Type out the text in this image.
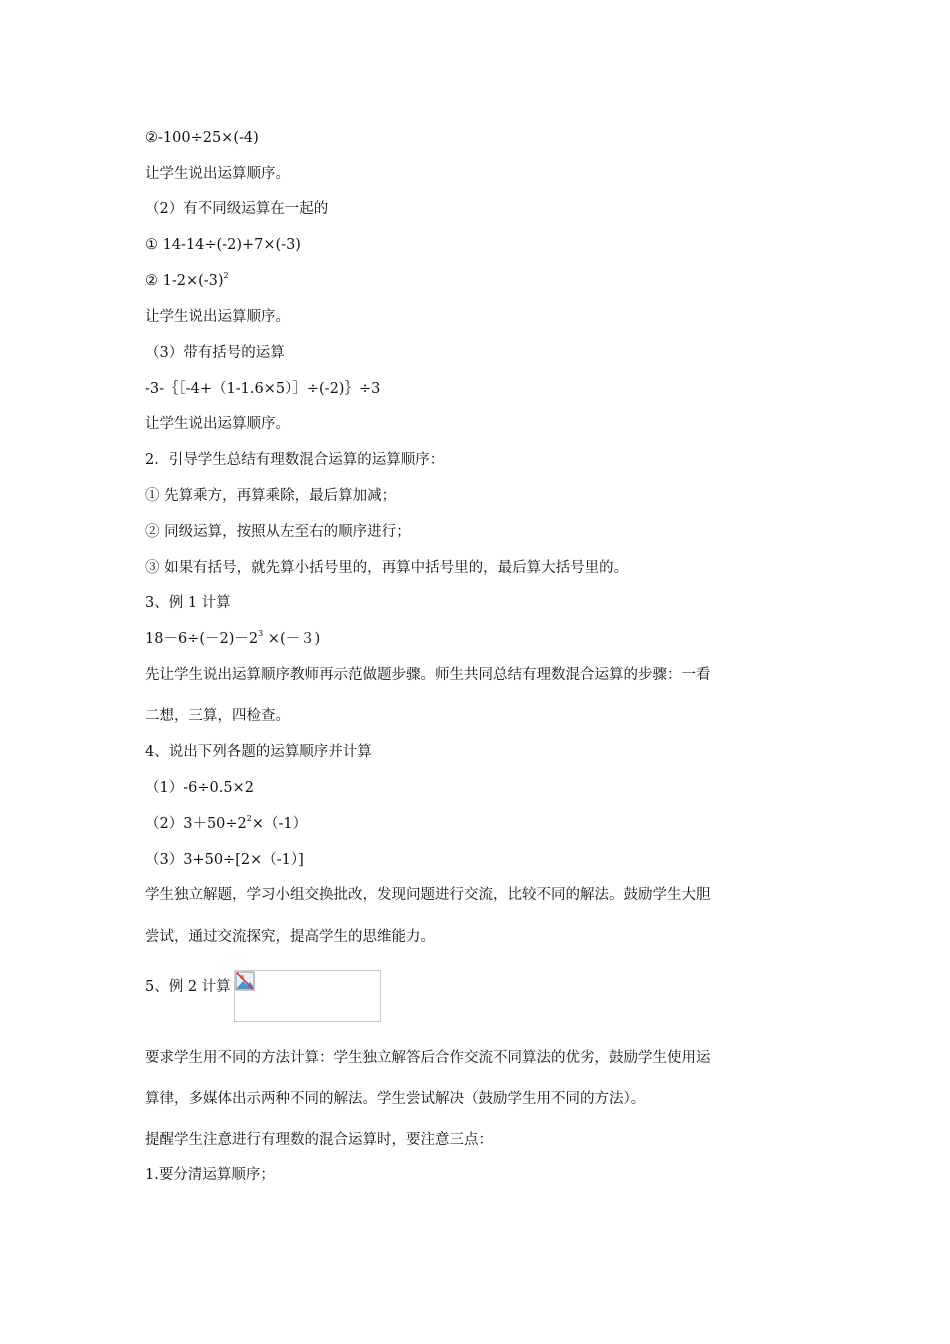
②-100÷25×(-4)
让学生说出运算顺序。
（2）有不同级运算在一起的
① 14-14÷(-2)+7×(-3)
② $1-2\times(-3)^2$
让学生说出运算顺序。
（3）带有括号的运算
-3-｛［-4+（1-1.6×5）］÷(-2)｝÷3
让学生说出运算顺序。
2．引导学生总结有理数混合运算的运算顺序：
① 先算乘方，再算乘除，最后算加减；
② 同级运算，按照从左至右的顺序进行；
③ 如果有括号，就先算小括号里的，再算中括号里的，最后算大括号里的。
3、例 1 计算
$18-6\div(-2)-2^3 \times(-3)$
先让学生说出运算顺序教师再示范做题步骤。师生共同总结有理数混合运算的步骤：一看
二想，三算，四检查。
4、说出下列各题的运算顺序并计算
（1）-6÷0.5×2
$(2)3+50\div 2^2\times(-1)$
（3）3+50÷[2×（-1）]
学生独立解题，学习小组交换批改，发现问题进行交流，比较不同的解法。鼓励学生大胆
尝试，通过交流探究，提高学生的思维能力。
5、例 2 计算
要求学生用不同的方法计算：学生独立解答后合作交流不同算法的优劣，鼓励学生使用运
算律，多媒体出示两种不同的解法。学生尝试解决（鼓励学生用不同的方法）。
提醒学生注意进行有理数的混合运算时，要注意三点：
1.要分清运算顺序；
